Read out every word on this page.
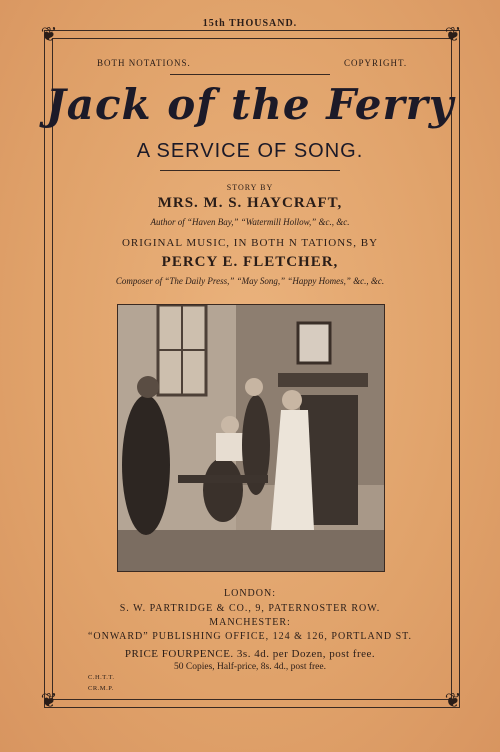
15th THOUSAND.
❦	❦
❦	❦
BOTH NOTATIONS.	COPYRIGHT.
Jack of the Ferry
A SERVICE OF SONG.
STORY BY
MRS. M. S. HAYCRAFT,
Author of “Haven Bay,” “Watermill Hollow,” &c., &c.
ORIGINAL MUSIC, IN BOTH N TATIONS, BY
PERCY E. FLETCHER,
Composer of “The Daily Press,” “May Song,” “Happy Homes,” &c., &c.
LONDON:
S. W. PARTRIDGE & CO., 9, PATERNOSTER ROW.
MANCHESTER:
“ONWARD” PUBLISHING OFFICE, 124 & 126, PORTLAND ST.
PRICE FOURPENCE. 3s. 4d. per Dozen, post free.
50 Copies, Half-price, 8s. 4d., post free.
C.H.T.T.
CR.M.P.
